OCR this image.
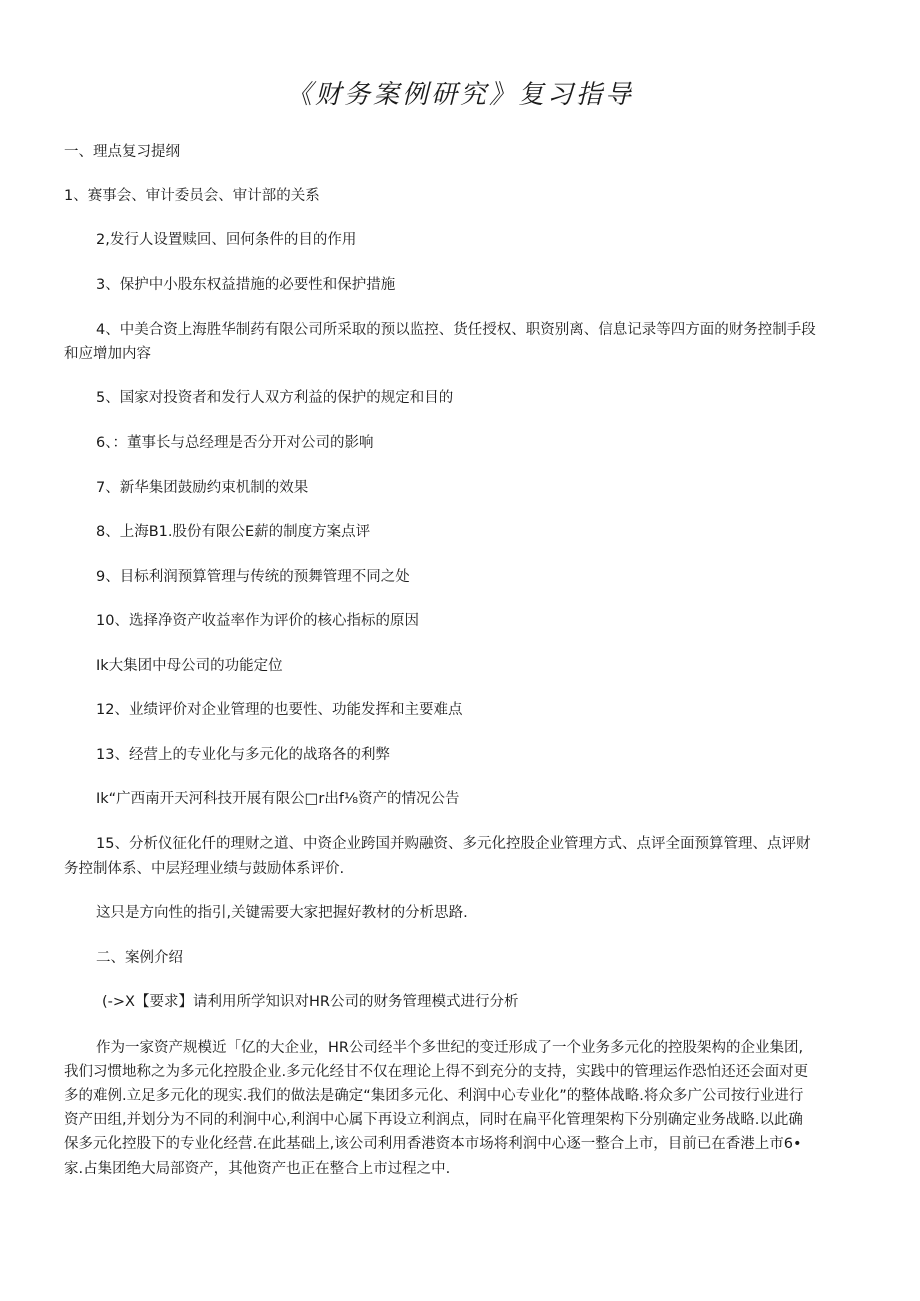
《财务案例研究》复习指导

一、理点复习提纲

1、赛事会、审计委员会、审计部的关系

2,发行人设置赎回、回何条件的目的作用

3、保护中小股东权益措施的必要性和保护措施

4、中美合资上海胜华制药有限公司所采取的预以监控、货任授权、职资别离、信息记录等四方面的财务控制手段

和应增加内容

5、国家对投资者和发行人双方利益的保护的规定和目的

6、：董事长与总经理是否分开对公司的影响

7、新华集团鼓励约束机制的效果

8、上海B1.股份有限公E薪的制度方案点评

9、目标利润预算管理与传统的预舞管理不同之处

10、选择净资产收益率作为评价的核心指标的原因

Ik大集团中母公司的功能定位

12、业绩评价对企业管理的也要性、功能发挥和主要难点

13、经营上的专业化与多元化的战珞各的利弊

Ik“广西南开天河科技开展有限公□r出f⅛资产的情况公告

15、分析仪征化仟的理财之道、中资企业跨国并购融资、多元化控股企业管理方式、点评全面预算管理、点评财

务控制体系、中层羟理业绩与鼓励体系评价.

这只是方向性的指引,关键需要大家把握好教材的分析思路.

二、案例介绍

(->X【要求】请利用所学知识对HR公司的财务管理模式进行分析

作为一家资产规模近「亿的大企业，HR公司经半个多世纪的变迁形成了一个业务多元化的控股架构的企业集团,

我们习惯地称之为多元化控股企业.多元化经甘不仅在理论上得不到充分的支持，实践中的管理运作恐怕还还会面对更

多的难例.立足多元化的现实.我们的做法是确定“集团多元化、利润中心专业化”的整体战略.将众多广公司按行业进行

资产田组,并划分为不同的利涧中心,利润中心属下再设立利润点，同时在扁平化管理架构下分别确定业务战略.以此确

保多元化控股下的专业化经营.在此基础上,该公司利用香港资本市场将利润中心逐一整合上市，目前已在香港上市6•

家.占集团绝大局部资产，其他资产也正在整合上市过程之中.
